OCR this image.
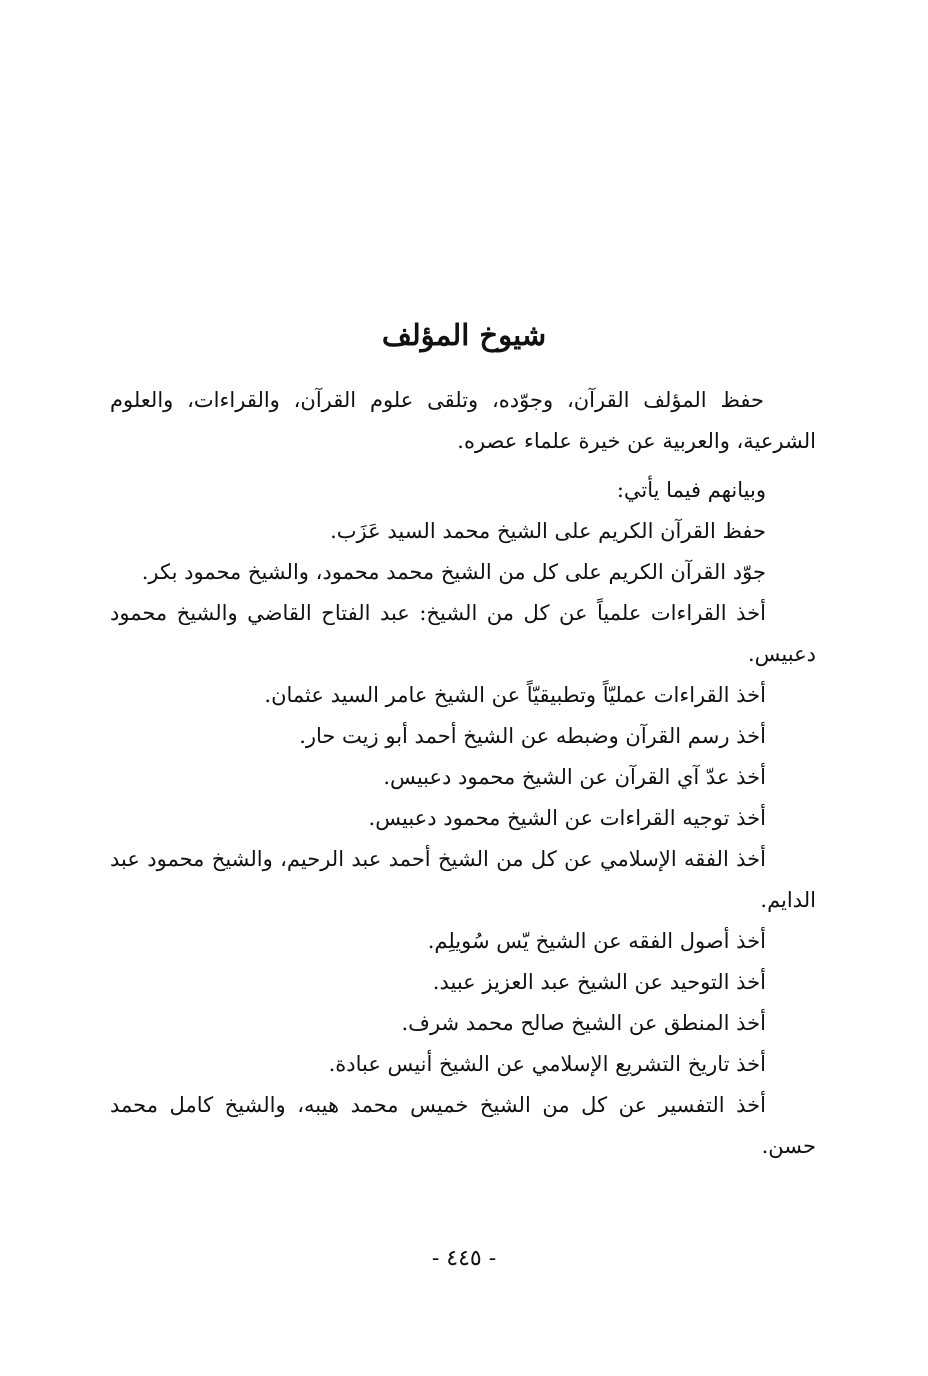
شيوخ المؤلف

حفظ المؤلف القرآن، وجوّده، وتلقى علوم القرآن، والقراءات، والعلوم الشرعية، والعربية عن خيرة علماء عصره.

وبيانهم فيما يأتي:
حفظ القرآن الكريم على الشيخ محمد السيد عَزَب.
جوّد القرآن الكريم على كل من الشيخ محمد محمود، والشيخ محمود بكر.
أخذ القراءات علمياً عن كل من الشيخ: عبد الفتاح القاضي والشيخ محمود دعبيس.
أخذ القراءات عمليّاً وتطبيقيّاً عن الشيخ عامر السيد عثمان.
أخذ رسم القرآن وضبطه عن الشيخ أحمد أبو زيت حار.
أخذ عدّ آي القرآن عن الشيخ محمود دعبيس.
أخذ توجيه القراءات عن الشيخ محمود دعبيس.
أخذ الفقه الإسلامي عن كل من الشيخ أحمد عبد الرحيم، والشيخ محمود عبد الدايم.
أخذ أصول الفقه عن الشيخ يّس سُويلِم.
أخذ التوحيد عن الشيخ عبد العزيز عبيد.
أخذ المنطق عن الشيخ صالح محمد شرف.
أخذ تاريخ التشريع الإسلامي عن الشيخ أنيس عبادة.
أخذ التفسير عن كل من الشيخ خميس محمد هيبه، والشيخ كامل محمد حسن.
- ٤٤٥ -
